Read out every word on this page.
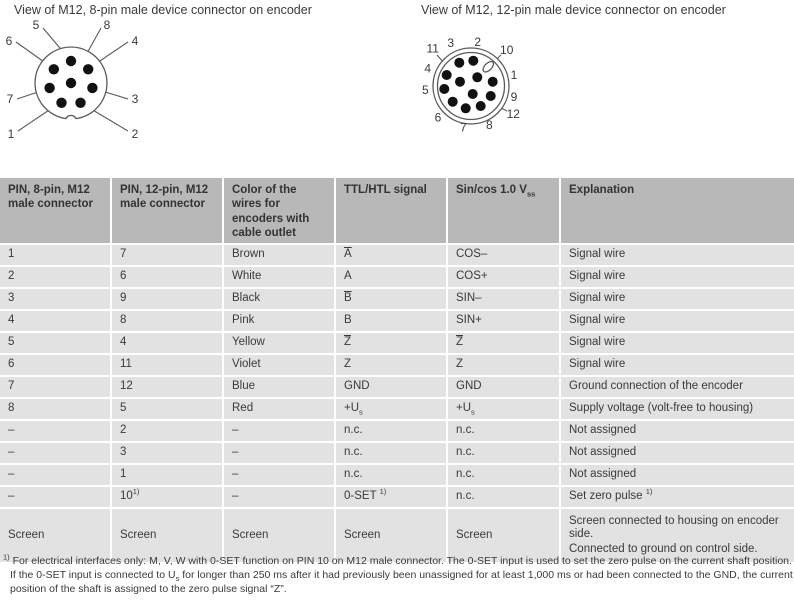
View of M12, 8-pin male device connector on encoder	View of M12, 12-pin male device connector on encoder
5	8
6	4
7	3
1	2
11 3 2
10
4	1
5	9
6	12
7 8
PIN, 8-pin, M12 male connector	PIN, 12-pin, M12 male connector	Color of the wires for encoders with cable outlet	TTL/HTL signal	Sin/cos 1.0 $V_{ss}$	Explanation
1	7	Brown	$\overline{A}$	COS–	Signal wire
2	6	White	A	COS+	Signal wire
3	9	Black	$\overline{B}$	SIN–	Signal wire
4	8	Pink	B	SIN+	Signal wire
5	4	Yellow	$\overline{Z}$	$\overline{Z}$	Signal wire
6	11	Violet	Z	Z	Signal wire
7	12	Blue	GND	GND	Ground connection of the encoder
8	5	Red	$+U_s$	$+U_s$	Supply voltage (volt-free to housing)
–	2	–	n.c.	n.c.	Not assigned
–	3	–	n.c.	n.c.	Not assigned
–	1	–	n.c.	n.c.	Not assigned
–	10$^{1)}$	–	0-SET $^{1)}$	n.c.	Set zero pulse $^{1)}$
Screen	Screen	Screen	Screen	Screen	Screen connected to housing on encoder side.
Connected to ground on control side.
$^{1)}$ For electrical interfaces only: M, V, W with 0-SET function on PIN 10 on M12 male connector. The 0-SET input is used to set the zero pulse on the current shaft position. If the 0-SET input is connected to $U_s$ for longer than 250 ms after it had previously been unassigned for at least 1,000 ms or had been connected to the GND, the current position of the shaft is assigned to the zero pulse signal “Z”.
